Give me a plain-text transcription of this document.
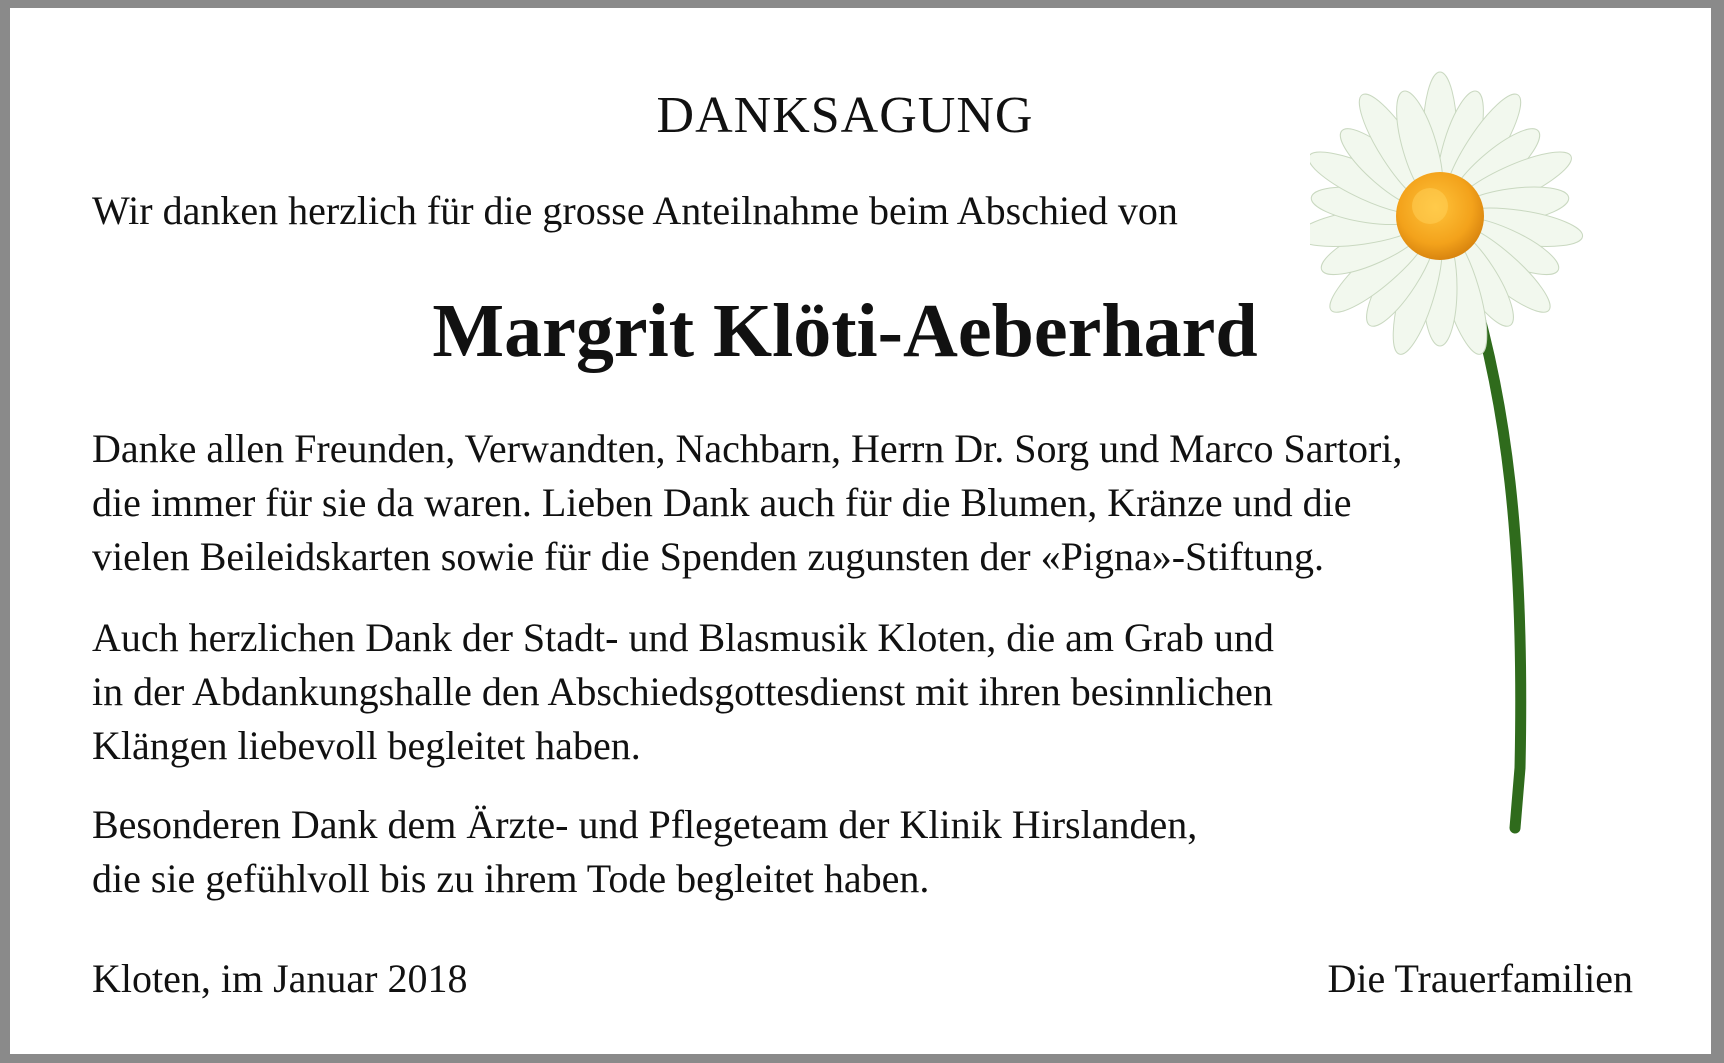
DANKSAGUNG
Wir danken herzlich für die grosse Anteilnahme beim Abschied von
Margrit Klöti-Aeberhard

Danke allen Freunden, Verwandten, Nachbarn, Herrn Dr. Sorg und Marco Sartori,
die immer für sie da waren. Lieben Dank auch für die Blumen, Kränze und die
vielen Beileidskarten sowie für die Spenden zugunsten der «Pigna»-Stiftung.

Auch herzlichen Dank der Stadt- und Blasmusik Kloten, die am Grab und
in der Abdankungshalle den Abschiedsgottesdienst mit ihren besinnlichen
Klängen liebevoll begleitet haben.

Besonderen Dank dem Ärzte- und Pflegeteam der Klinik Hirslanden,
die sie gefühlvoll bis zu ihrem Tode begleitet haben.

Kloten, im Januar 2018	Die Trauerfamilien
